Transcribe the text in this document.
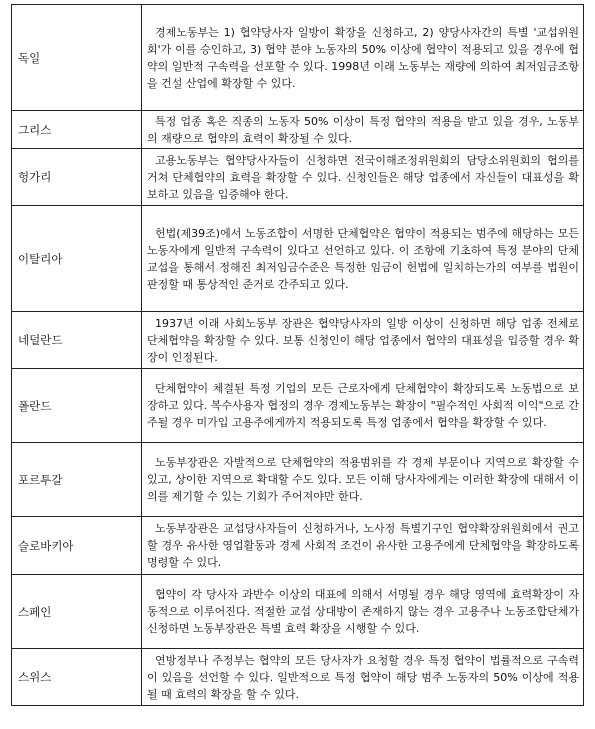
독일	경제노동부는 1) 협약당사자 일방이 확장을 신청하고, 2) 양당사자간의 특별 '교섭위원회'가 이를 승인하고, 3) 협약 분야 노동자의 50% 이상에 협약이 적용되고 있을 경우에 협약의 일반적 구속력을 선포할 수 있다. 1998년 이래 노동부는 재량에 의하여 최저임금조항을 건설 산업에 확장할 수 있다.
그리스	특정 업종 혹은 직종의 노동자 50% 이상이 특정 협약의 적용을 받고 있을 경우, 노동부의 재량으로 협약의 효력이 확장될 수 있다.
헝가리	고용노동부는 협약당사자들이 신청하면 전국이해조정위원회의 담당소위원회의 협의를 거쳐 단체협약의 효력을 확장할 수 있다. 신청인들은 해당 업종에서 자신들이 대표성을 확보하고 있음을 입증해야 한다.
이탈리아	헌법(제39조)에서 노동조합이 서명한 단체협약은 협약이 적용되는 범주에 해당하는 모든 노동자에게 일반적 구속력이 있다고 선언하고 있다. 이 조항에 기초하여 특정 분야의 단체교섭을 통해서 정해진 최저임금수준은 특정한 임금이 헌법에 일치하는가의 여부를 법원이 판정할 때 통상적인 준거로 간주되고 있다.
네덜란드	1937년 이래 사회노동부 장관은 협약당사자의 일방 이상이 신청하면 해당 업종 전체로 단체협약을 확장할 수 있다. 보통 신청인이 해당 업종에서 협약의 대표성을 입증할 경우 확장이 인정된다.
폴란드	단체협약이 체결된 특정 기업의 모든 근로자에게 단체협약이 확장되도록 노동법으로 보장하고 있다. 복수사용자 협정의 경우 경제노동부는 확장이 "필수적인 사회적 이익"으로 간주될 경우 미가입 고용주에게까지 적용되도록 특정 업종에서 협약을 확장할 수 있다.
포르투갈	노동부장관은 자발적으로 단체협약의 적용범위를 각 경제 부문이나 지역으로 확장할 수 있고, 상이한 지역으로 확대할 수도 있다. 모든 이해 당사자에게는 이러한 확장에 대해서 이의를 제기할 수 있는 기회가 주어져야만 한다.
슬로바키아	노동부장관은 교섭당사자들이 신청하거나, 노사정 특별기구인 협약확장위원회에서 권고할 경우 유사한 영업활동과 경제 사회적 조건이 유사한 고용주에게 단체협약을 확장하도록 명령할 수 있다.
스페인	협약이 각 당사자 과반수 이상의 대표에 의해서 서명될 경우 해당 영역에 효력확장이 자동적으로 이루어진다. 적절한 교섭 상대방이 존재하지 않는 경우 고용주나 노동조합단체가 신청하면 노동부장관은 특별 효력 확장을 시행할 수 있다.
스위스	연방정부나 주정부는 협약의 모든 당사자가 요청할 경우 특정 협약이 법률적으로 구속력이 있음을 선언할 수 있다. 일반적으로 특정 협약이 해당 범주 노동자의 50% 이상에 적용될 때 효력의 확장을 할 수 있다.
